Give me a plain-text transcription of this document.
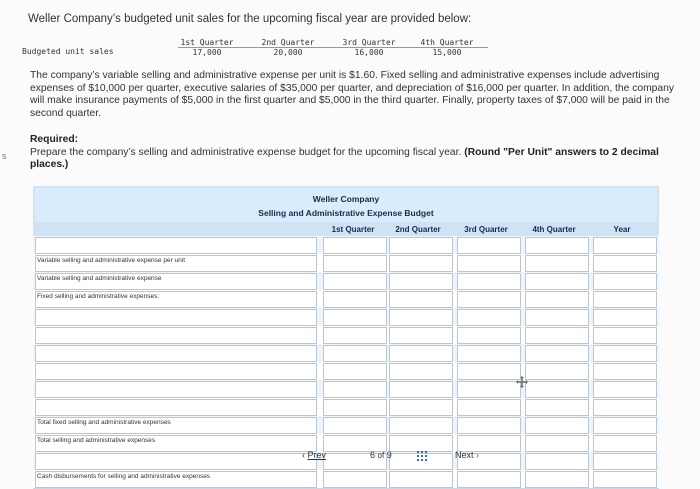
Weller Company’s budgeted unit sales for the upcoming fiscal year are provided below:
Budgeted unit sales
1st Quarter	2nd Quarter	3rd Quarter	4th Quarter
17,000	20,000	16,000	15,000
The company’s variable selling and administrative expense per unit is $1.60. Fixed selling and administrative expenses include advertising expenses of $10,000 per quarter, executive salaries of $35,000 per quarter, and depreciation of $16,000 per quarter. In addition, the company will make insurance payments of $5,000 in the first quarter and $5,000 in the third quarter. Finally, property taxes of $7,000 will be paid in the second quarter.
s
Required:
Prepare the company’s selling and administrative expense budget for the upcoming fiscal year. (Round "Per Unit" answers to 2 decimal places.)
Weller Company
Selling and Administrative Expense Budget
1st Quarter	2nd Quarter	3rd Quarter	4th Quarter	Year
Variable selling and administrative expense per unit
Variable selling and administrative expense
Fixed selling and administrative expenses:
Total fixed selling and administrative expenses
Total selling and administrative expenses
Cash disbursements for selling and administrative expenses
‹ Prev	6 of 9	Next ›
